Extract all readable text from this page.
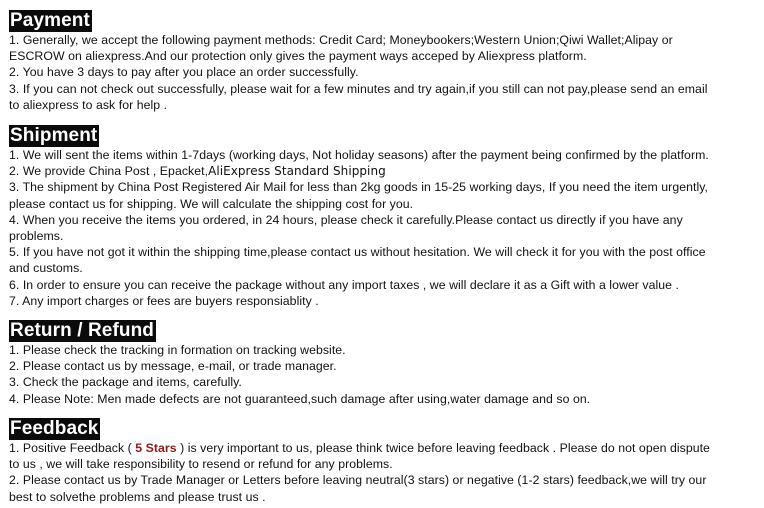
Payment

1. Generally, we accept the following payment methods: Credit Card; Moneybookers;Western Union;Qiwi Wallet;Alipay or

ESCROW on aliexpress.And our protection only gives the payment ways acceped by Aliexpress platform.

2. You have 3 days to pay after you place an order successfully.

3. If you can not check out successfully, please wait for a few minutes and try again,if you still can not pay,please send an email

to aliexpress to ask for help .

Shipment

1. We will sent the items within 1-7days (working days, Not holiday seasons) after the payment being confirmed by the platform.

2. We provide China Post , Epacket,AliExpress Standard Shipping

3. The shipment by China Post Registered Air Mail for less than 2kg goods in 15-25 working days, If you need the item urgently,

please contact us for shipping. We will calculate the shipping cost for you.

4. When you receive the items you ordered, in 24 hours, please check it carefully.Please contact us directly if you have any

problems.

5. If you have not got it within the shipping time,please contact us without hesitation. We will check it for you with the post office

and customs.

6. In order to ensure you can receive the package without any import taxes , we will declare it as a Gift with a lower value .

7. Any import charges or fees are buyers responsiablity .

Return / Refund

1. Please check the tracking in formation on tracking website.

2. Please contact us by message, e-mail, or trade manager.

3. Check the package and items, carefully.

4. Please Note: Men made defects are not guaranteed,such damage after using,water damage and so on.

Feedback

1. Positive Feedback ( 5 Stars ) is very important to us, please think twice before leaving feedback . Please do not open dispute

to us , we will take responsibility to resend or refund for any problems.

2. Please contact us by Trade Manager or Letters before leaving neutral(3 stars) or negative (1-2 stars) feedback,we will try our

best to solvethe problems and please trust us .
